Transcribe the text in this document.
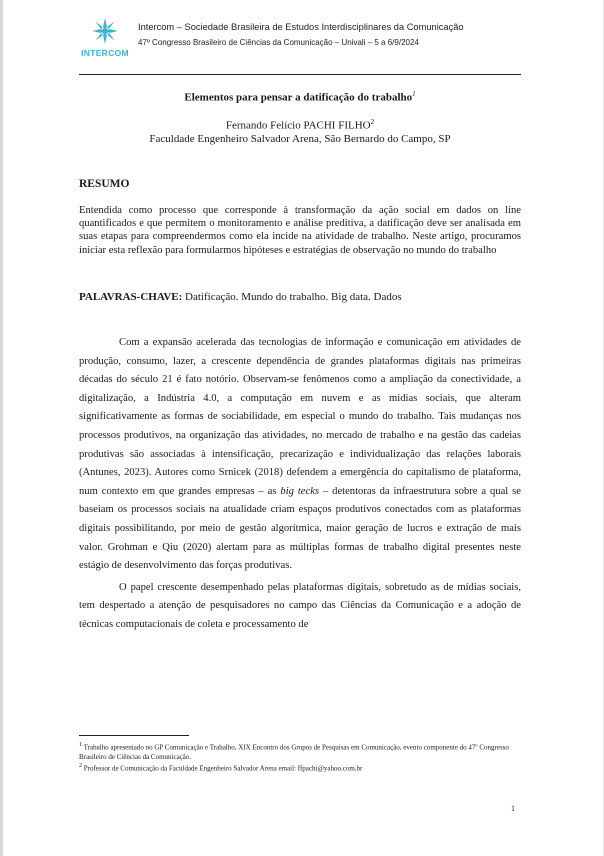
INTERCOM
Intercom – Sociedade Brasileira de Estudos Interdisciplinares da Comunicação
47º Congresso Brasileiro de Ciências da Comunicação – Univali – 5 a 6/9/2024
Elementos para pensar a datificação do trabalho$^1$
Fernando Felício PACHI FILHO$^2$
Faculdade Engenheiro Salvador Arena, São Bernardo do Campo, SP
RESUMO
Entendida como processo que corresponde à transformação da ação social em dados on line quantificados e que permitem o monitoramento e análise preditiva, a datificação deve ser analisada em suas etapas para compreendermos como ela incide na atividade de trabalho. Neste artigo, procuramos iniciar esta reflexão para formularmos hipóteses e estratégias de observação no mundo do trabalho
PALAVRAS-CHAVE: Datificação. Mundo do trabalho. Big data. Dados

Com a expansão acelerada das tecnologias de informação e comunicação em atividades de produção, consumo, lazer, a crescente dependência de grandes plataformas digitais nas primeiras décadas do século 21 é fato notório. Observam-se fenômenos como a ampliação da conectividade, a digitalização, a Indústria 4.0, a computação em nuvem e as mídias sociais, que alteram significativamente as formas de sociabilidade, em especial o mundo do trabalho. Tais mudanças nos processos produtivos, na organização das atividades, no mercado de trabalho e na gestão das cadeias produtivas são associadas à intensificação, precarização e individualização das relações laborais (Antunes, 2023). Autores como Srnicek (2018) defendem a emergência do capitalismo de plataforma, num contexto em que grandes empresas – as big tecks – detentoras da infraestrutura sobre a qual se baseiam os processos sociais na atualidade criam espaços produtivos conectados com as plataformas digitais possibilitando, por meio de gestão algorítmica, maior geração de lucros e extração de mais valor. Grohman e Qiu (2020) alertam para as múltiplas formas de trabalho digital presentes neste estágio de desenvolvimento das forças produtivas.

O papel crescente desempenhado pelas plataformas digitais, sobretudo as de mídias sociais, tem despertado a atenção de pesquisadores no campo das Ciências da Comunicação e a adoção de técnicas computacionais de coleta e processamento de

$^1$ Trabalho apresentado no GP Comunicação e Trabalho, XIX Encontro dos Grupos de Pesquisas em Comunicação, evento componente do 47º Congresso Brasileiro de Ciências da Comunicação.
$^2$ Professor de Comunicação da Faculdade Engenheiro Salvador Arena email: ffpachi@yahoo.com.br
1
